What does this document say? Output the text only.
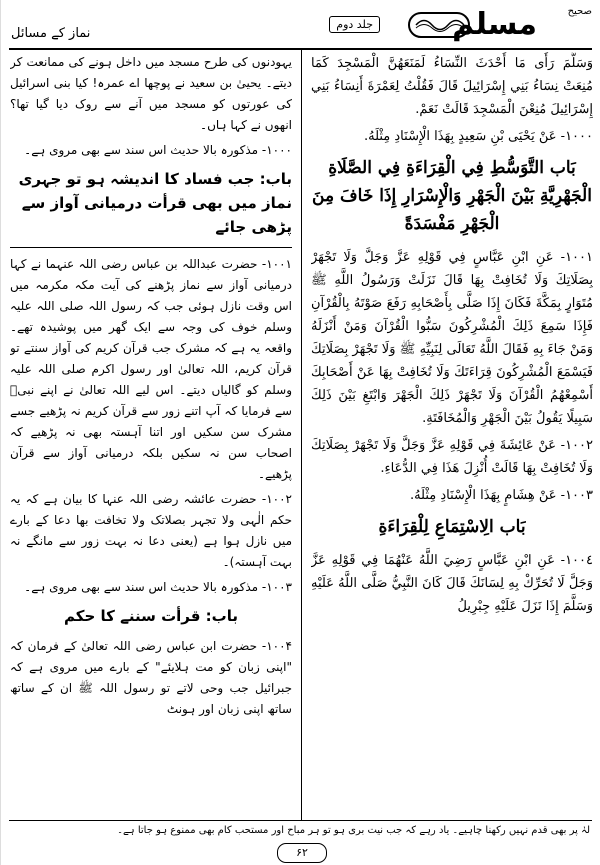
صحیح
مسلم
جلد دوم
نماز کے مسائل

وَسَلَّمَ رَأَى مَا أَحْدَثَ النِّسَاءُ لَمَنَعَهُنَّ الْمَسْجِدَ كَمَا مُنِعَتْ نِسَاءُ بَنِي إِسْرَائِيلَ قَالَ فَقُلْتُ لِعَمْرَةَ أَنِسَاءُ بَنِي إِسْرَائِيلَ مُنِعْنَ الْمَسْجِدَ قَالَتْ نَعَمْ.

١٠٠٠- عَنْ يَحْيَى بْنِ سَعِيدٍ بِهَذَا الْإِسْنَادِ مِثْلَهُ.

بَاب التَّوَسُّطِ فِي الْقِرَاءَةِ فِي الصَّلَاةِ الْجَهْرِيَّةِ بَيْنَ الْجَهْرِ وَالْإِسْرَارِ إِذَا خَافَ مِنَ الْجَهْرِ مَفْسَدَةً

١٠٠١- عَنِ ابْنِ عَبَّاسٍ فِي قَوْلِهِ عَزَّ وَجَلَّ وَلَا تَجْهَرْ بِصَلَاتِكَ وَلَا تُخَافِتْ بِهَا قَالَ نَزَلَتْ وَرَسُولُ اللَّهِ ﷺ مُتَوَارٍ بِمَكَّةَ فَكَانَ إِذَا صَلَّى بِأَصْحَابِهِ رَفَعَ صَوْتَهُ بِالْقُرْآنِ فَإِذَا سَمِعَ ذَلِكَ الْمُشْرِكُونَ سَبُّوا الْقُرْآنَ وَمَنْ أَنْزَلَهُ وَمَنْ جَاءَ بِهِ فَقَالَ اللَّهُ تَعَالَى لِنَبِيِّهِ ﷺ وَلَا تَجْهَرْ بِصَلَاتِكَ فَيَسْمَعَ الْمُشْرِكُونَ قِرَاءَتَكَ وَلَا تُخَافِتْ بِهَا عَنْ أَصْحَابِكَ أَسْمِعْهُمُ الْقُرْآنَ وَلَا تَجْهَرْ ذَلِكَ الْجَهْرَ وَابْتَغِ بَيْنَ ذَلِكَ سَبِيلًا يَقُولُ بَيْنَ الْجَهْرِ وَالْمُخَافَتَةِ.

١٠٠٢- عَنْ عَائِشَةَ فِي قَوْلِهِ عَزَّ وَجَلَّ وَلَا تَجْهَرْ بِصَلَاتِكَ وَلَا تُخَافِتْ بِهَا قَالَتْ أُنْزِلَ هَذَا فِي الدُّعَاءِ.

١٠٠٣- عَنْ هِشَامٍ بِهَذَا الْإِسْنَادِ مِثْلَهُ.

بَاب الِاسْتِمَاعِ لِلْقِرَاءَةِ

١٠٠٤- عَنِ ابْنِ عَبَّاسٍ رَضِيَ اللَّهُ عَنْهُمَا فِي قَوْلِهِ عَزَّ وَجَلَّ لَا تُحَرِّكْ بِهِ لِسَانَكَ قَالَ كَانَ النَّبِيُّ صَلَّى اللَّهُ عَلَيْهِ وَسَلَّمَ إِذَا نَزَلَ عَلَيْهِ جِبْرِيلُ

یہودنوں کی طرح مسجد میں داخل ہونے کی ممانعت کر دیتے۔ یحییٰ بن سعید نے پوچھا اے عمرہ! کیا بنی اسرائیل کی عورتوں کو مسجد میں آنے سے روک دیا گیا تھا؟ انھوں نے کہا ہاں۔

۱۰۰۰- مذکورہ بالا حدیث اس سند سے بھی مروی ہے۔

باب: جب فساد کا اندیشہ ہو تو جہری نماز میں بھی قرأت درمیانی آواز سے پڑھی جائے

۱۰۰۱- حضرت عبداللہ بن عباس رضی اللہ عنہما نے کہا درمیانی آواز سے نماز پڑھنے کی آیت مکہ مکرمہ میں اس وقت نازل ہوئی جب کہ رسول اللہ صلی اللہ علیہ وسلم خوف کی وجہ سے ایک گھر میں پوشیدہ تھے۔ واقعہ یہ ہے کہ مشرک جب قرآن کریم کی آواز سنتے تو قرآن کریم، اللہ تعالیٰ اور رسول اکرم صلی اللہ علیہ وسلم کو گالیاں دیتے۔ اس لیے اللہ تعالیٰ نے اپنے نبیؐ سے فرمایا کہ آپ اتنے زور سے قرآن کریم نہ پڑھیے جسے مشرک سن سکیں اور اتنا آہستہ بھی نہ پڑھیے کہ اصحاب سن نہ سکیں بلکہ درمیانی آواز سے قرآن پڑھیے۔

۱۰۰۲- حضرت عائشہ رضی اللہ عنہا کا بیان ہے کہ یہ حکم الٰہی ولا تجہر بصلاتک ولا تخافت بھا دعا کے بارے میں نازل ہوا ہے (یعنی دعا نہ بہت زور سے مانگے نہ بہت آہستہ)۔

۱۰۰۳- مذکورہ بالا حدیث اس سند سے بھی مروی ہے۔

باب: قرأت سننے کا حکم

۱۰۰۴- حضرت ابن عباس رضی اللہ تعالیٰ کے فرمان کہ "اپنی زبان کو مت ہلایئے" کے بارے میں مروی ہے کہ جبرائیل جب وحی لاتے تو رسول اللہ ﷺ ان کے ساتھ ساتھ اپنی زبان اور ہونٹ

لہٰ پر بھی قدم نہیں رکھنا چاہیے۔ یاد رہے کہ جب نیت بری ہو تو ہر مباح اور مستحب کام بھی ممنوع ہو جاتا ہے۔
۶۲
